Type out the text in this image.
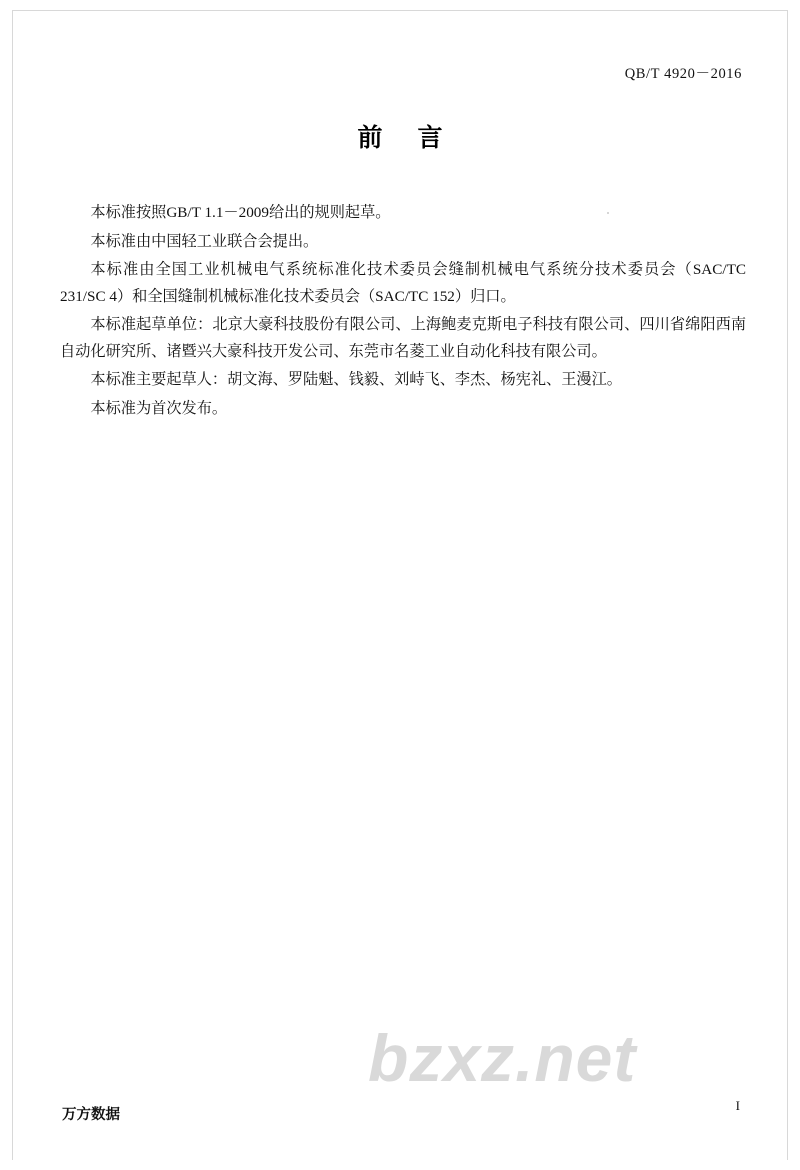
QB/T 4920－2016
前 言

本标准按照GB/T 1.1－2009给出的规则起草。

本标准由中国轻工业联合会提出。

本标准由全国工业机械电气系统标准化技术委员会缝制机械电气系统分技术委员会（SAC/TC 231/SC 4）和全国缝制机械标准化技术委员会（SAC/TC 152）归口。

本标准起草单位：北京大豪科技股份有限公司、上海鲍麦克斯电子科技有限公司、四川省绵阳西南自动化研究所、诸暨兴大豪科技开发公司、东莞市名菱工业自动化科技有限公司。

本标准主要起草人：胡文海、罗陆魁、钱毅、刘峙飞、李杰、杨宪礼、王漫江。

本标准为首次发布。

bzxz.net
万方数据
I
